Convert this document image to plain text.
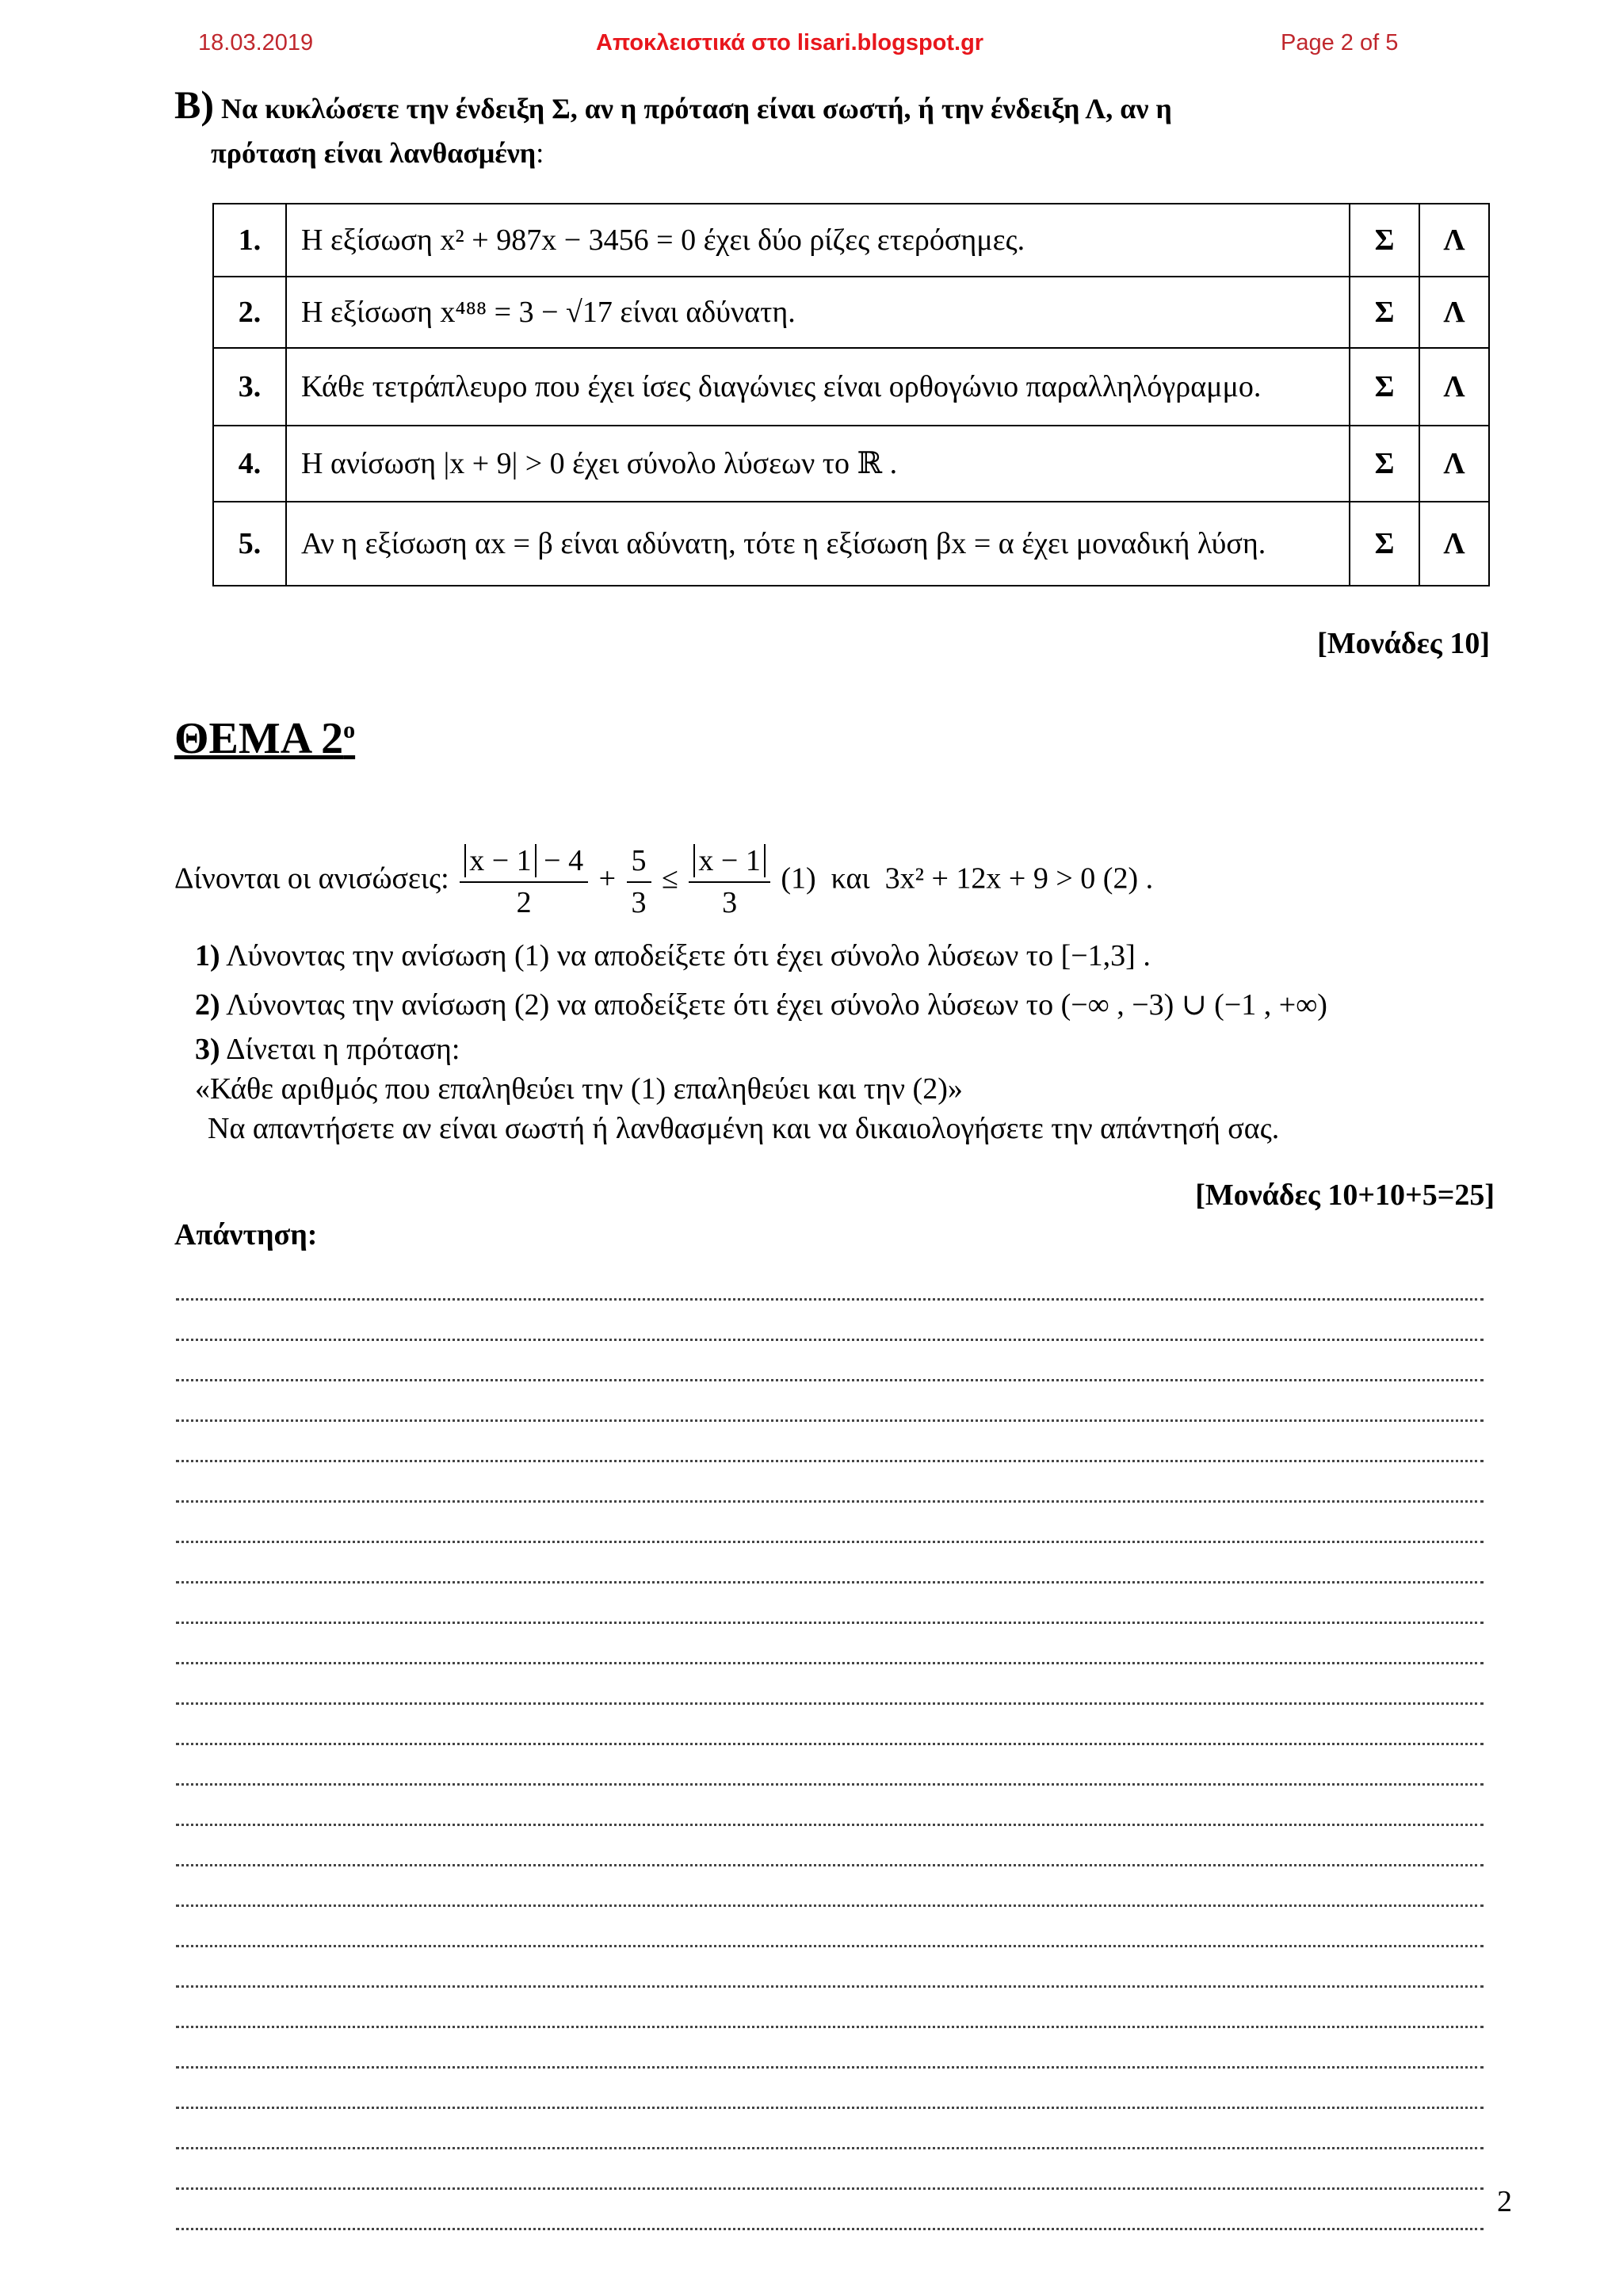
18.03.2019	Αποκλειστικά στο lisari.blogspot.gr	Page 2 of 5
Β) Να κυκλώσετε την ένδειξη Σ, αν η πρόταση είναι σωστή, ή την ένδειξη Λ, αν η
πρόταση είναι λανθασμένη:
1.	Η εξίσωση x² + 987x − 3456 = 0 έχει δύο ρίζες ετερόσημες.	Σ	Λ
2.	Η εξίσωση x⁴⁸⁸ = 3 − √17 είναι αδύνατη.	Σ	Λ
3.	Κάθε τετράπλευρο που έχει ίσες διαγώνιες είναι ορθογώνιο παραλληλόγραμμο.	Σ	Λ
4.	Η ανίσωση |x + 9| > 0 έχει σύνολο λύσεων το ℝ .	Σ	Λ
5.	Αν η εξίσωση αx = β είναι αδύνατη, τότε η εξίσωση βx = α έχει μοναδική λύση.	Σ	Λ
[Μονάδες 10]
ΘΕΜΑ $2^o$
Δίνονται οι ανισώσεις: $\frac{x - 1 - 4}{2} + \frac{5}{3} \le \frac{x - 1}{3} (1)$ και 3x² + 12x + 9 > 0 (2) .
1) Λύνοντας την ανίσωση (1) να αποδείξετε ότι έχει σύνολο λύσεων το [−1,3] .
2) Λύνοντας την ανίσωση (2) να αποδείξετε ότι έχει σύνολο λύσεων το (−∞ , −3) ∪ (−1 , +∞)
3) Δίνεται η πρόταση:
«Κάθε αριθμός που επαληθεύει την (1) επαληθεύει και την (2)»
Να απαντήσετε αν είναι σωστή ή λανθασμένη και να δικαιολογήσετε την απάντησή σας.
[Μονάδες 10+10+5=25]
Απάντηση:
2
